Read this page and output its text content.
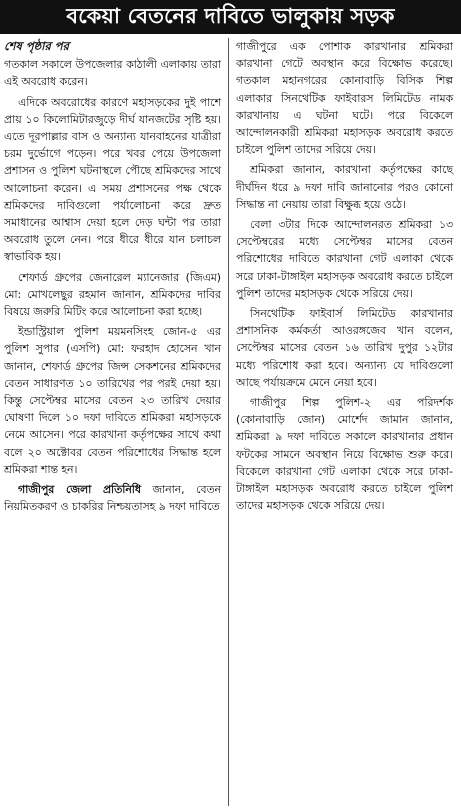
বকেয়া বেতনের দাবিতে ভালুকায় সড়ক
শেষ পৃষ্ঠার পর

গতকাল সকালে উপজেলার কাঠালী এলাকায় তারা এই অবরোধ করেন।

এদিকে অবরোধের কারণে মহাসড়কের দুই পাশে প্রায় ১০ কিলোমিটারজুড়ে দীর্ঘ যানজটের সৃষ্টি হয়। এতে দূরপাল্লার বাস ও অন্যান্য যানবাহনের যাত্রীরা চরম দুর্ভোগে পড়েন। পরে খবর পেয়ে উপজেলা প্রশাসন ও পুলিশ ঘটনাস্থলে পৌছে শ্রমিকদের সাথে আলোচনা করেন। এ সময় প্রশাসনের পক্ষ থেকে শ্রমিকদের দাবিগুলো পর্যালোচনা করে দ্রুত সমাধানের আশ্বাস দেয়া হলে দেড় ঘন্টা পর তারা অবরোধ তুলে নেন। পরে ধীরে ধীরে যান চলাচল স্বাভাবিক হয়।

শেফার্ড গ্রুপের জেনারেল ম্যানেজার (জিএম) মো: মোখলেছুর রহমান জানান, শ্রমিকদের দাবির বিষয়ে জরুরি মিটিং করে আলোচনা করা হচ্ছে।

ইন্ডাস্ট্রিয়াল পুলিশ ময়মনসিংহ জোন-৫ এর পুলিশ সুপার (এসপি) মো: ফরহাদ হোসেন খান জানান, শেফার্ড গ্রুপের জিন্স সেকশনের শ্রমিকদের বেতন সাধারণত ১০ তারিখের পর পরই দেয়া হয়। কিন্তু সেপ্টেম্বর মাসের বেতন ২৩ তারিখ দেয়ার ঘোষণা দিলে ১০ দফা দাবিতে শ্রমিকরা মহাসড়কে নেমে আসেন। পরে কারখানা কর্তৃপক্ষের সাথে কথা বলে ২০ অক্টোবর বেতন পরিশোধের সিদ্ধান্ত হলে শ্রমিকরা শান্ত হন।

গাজীপুর জেলা প্রতিনিধি জানান, বেতন নিয়মিতকরণ ও চাকরির নিশ্চয়তাসহ ৯ দফা দাবিতে

গাজীপুরে এক পোশাক কারখানার শ্রমিকরা কারখানা গেটে অবস্থান করে বিক্ষোভ করেছে। গতকাল মহানগরের কোনাবাড়ি বিসিক শিল্প এলাকার সিনথেটিক ফাইবারস লিমিটেড নামক কারখানায় এ ঘটনা ঘটে। পরে বিকেলে আন্দোলনকারী শ্রমিকরা মহাসড়ক অবরোধ করতে চাইলে পুলিশ তাদের সরিয়ে দেয়।

শ্রমিকরা জানান, কারখানা কর্তৃপক্ষের কাছে দীর্ঘদিন ধরে ৯ দফা দাবি জানানোর পরও কোনো সিদ্ধান্ত না নেয়ায় তারা বিক্ষুব্ধ হয়ে ওঠে।

বেলা ৩টার দিকে আন্দোলনরত শ্রমিকরা ১৩ সেপ্টেম্বরের মধ্যে সেপ্টেম্বর মাসের বেতন পরিশোধের দাবিতে কারখানা গেট এলাকা থেকে সরে ঢাকা-টাঙ্গাইল মহাসড়ক অবরোধ করতে চাইলে পুলিশ তাদের মহাসড়ক থেকে সরিয়ে দেয়।

সিনথেটিক ফাইবার্স লিমিটেড কারখানার প্রশাসনিক কর্মকর্তা আওরঙ্গজেব খান বলেন, সেপ্টেম্বর মাসের বেতন ১৬ তারিখ দুপুর ১২টার মধ্যে পরিশোধ করা হবে। অন্যান্য যে দাবিগুলো আছে পর্যায়ক্রমে মেনে নেয়া হবে।

গাজীপুর শিল্প পুলিশ-২ এর পরিদর্শক (কোনাবাড়ি জোন) মোর্শেদ জামান জানান, শ্রমিকরা ৯ দফা দাবিতে সকালে কারখানার প্রধান ফটকের সামনে অবস্থান নিয়ে বিক্ষোভ শুরু করে। বিকেলে কারখানা গেট এলাকা থেকে সরে ঢাকা-টাঙ্গাইল মহাসড়ক অবরোধ করতে চাইলে পুলিশ তাদের মহাসড়ক থেকে সরিয়ে দেয়।
